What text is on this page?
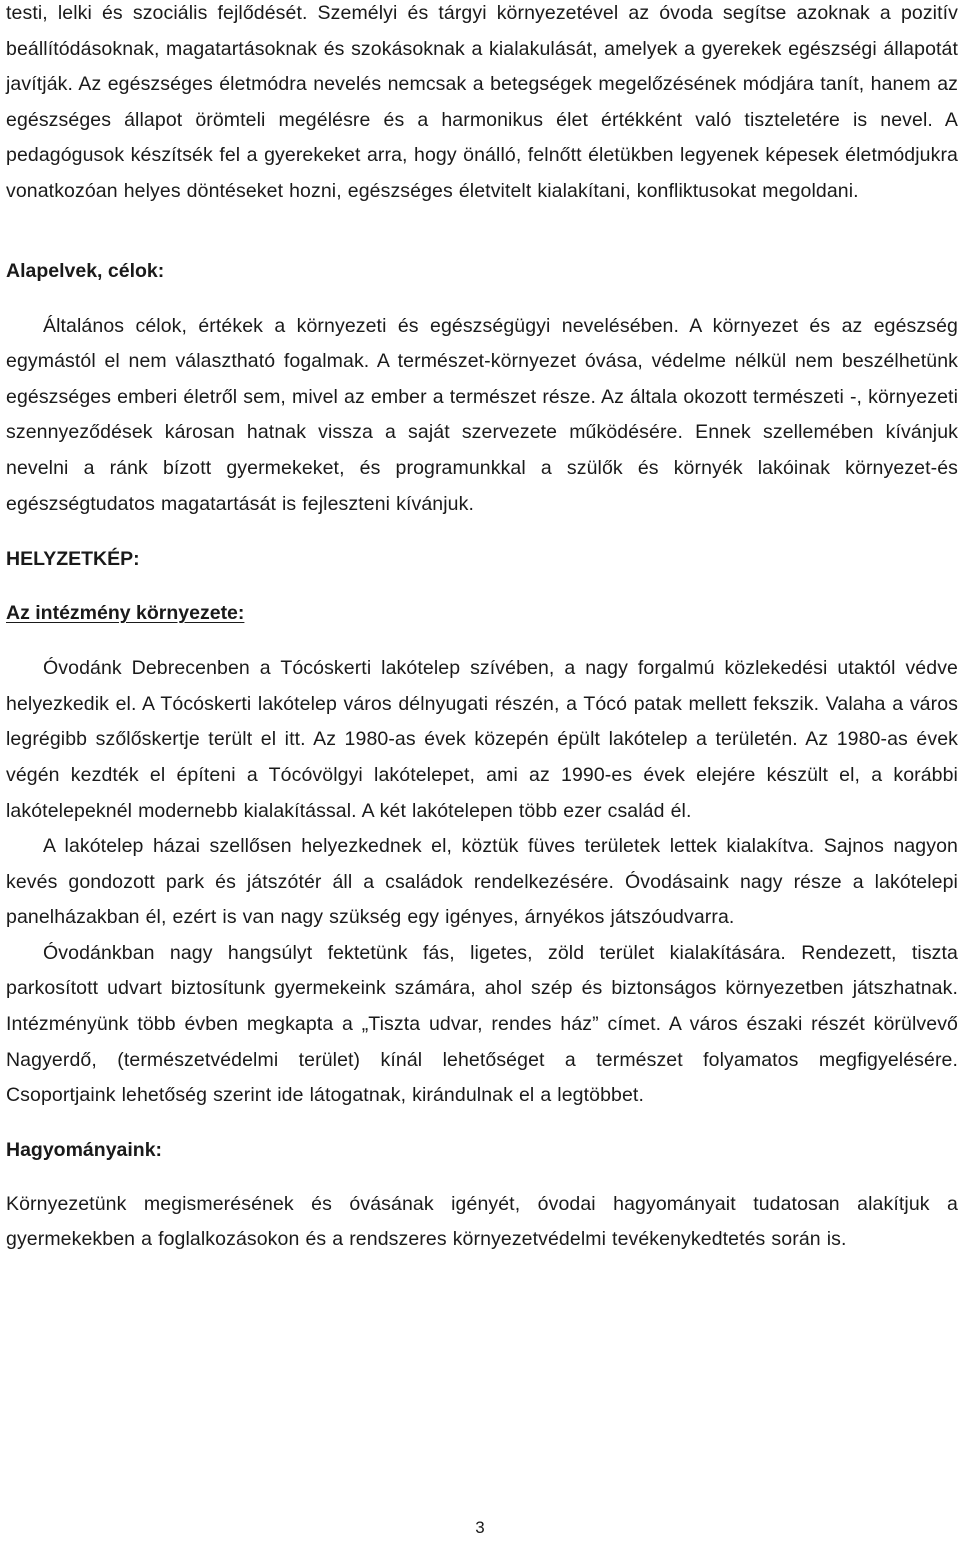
testi, lelki és szociális fejlődését. Személyi és tárgyi környezetével az óvoda segítse azoknak a pozitív beállítódásoknak, magatartásoknak és szokásoknak a kialakulását, amelyek a gyerekek egészségi állapotát javítják. Az egészséges életmódra nevelés nemcsak a betegségek megelőzésének módjára tanít, hanem az egészséges állapot örömteli megélésre és a harmonikus élet értékként való tiszteletére is nevel. A pedagógusok készítsék fel a gyerekeket arra, hogy önálló, felnőtt életükben legyenek képesek életmódjukra vonatkozóan helyes döntéseket hozni, egészséges életvitelt kialakítani, konfliktusokat megoldani.

Alapelvek, célok:

Általános célok, értékek a környezeti és egészségügyi nevelésében. A környezet és az egészség egymástól el nem választható fogalmak. A természet-környezet óvása, védelme nélkül nem beszélhetünk egészséges emberi életről sem, mivel az ember a természet része. Az általa okozott természeti -, környezeti szennyeződések károsan hatnak vissza a saját szervezete működésére. Ennek szellemében kívánjuk nevelni a ránk bízott gyermekeket, és programunkkal a szülők és környék lakóinak környezet-és egészségtudatos magatartását is fejleszteni kívánjuk.

HELYZETKÉP:

Az intézmény környezete:

Óvodánk Debrecenben a Tócóskerti lakótelep szívében, a nagy forgalmú közlekedési utaktól védve helyezkedik el. A Tócóskerti lakótelep város délnyugati részén, a Tócó patak mellett fekszik. Valaha a város legrégibb szőlőskertje terült el itt. Az 1980-as évek közepén épült lakótelep a területén. Az 1980-as évek végén kezdték el építeni a Tócóvölgyi lakótelepet, ami az 1990-es évek elejére készült el, a korábbi lakótelepeknél modernebb kialakítással. A két lakótelepen több ezer család él.

A lakótelep házai szellősen helyezkednek el, köztük füves területek lettek kialakítva. Sajnos nagyon kevés gondozott park és játszótér áll a családok rendelkezésére. Óvodásaink nagy része a lakótelepi panelházakban él, ezért is van nagy szükség egy igényes, árnyékos játszóudvarra.

Óvodánkban nagy hangsúlyt fektetünk fás, ligetes, zöld terület kialakítására. Rendezett, tiszta parkosított udvart biztosítunk gyermekeink számára, ahol szép és biztonságos környezetben játszhatnak. Intézményünk több évben megkapta a „Tiszta udvar, rendes ház” címet. A város északi részét körülvevő Nagyerdő, (természetvédelmi terület) kínál lehetőséget a természet folyamatos megfigyelésére. Csoportjaink lehetőség szerint ide látogatnak, kirándulnak el a legtöbbet.

Hagyományaink:

Környezetünk megismerésének és óvásának igényét, óvodai hagyományait tudatosan alakítjuk a gyermekekben a foglalkozásokon és a rendszeres környezetvédelmi tevékenykedtetés során is.

3
